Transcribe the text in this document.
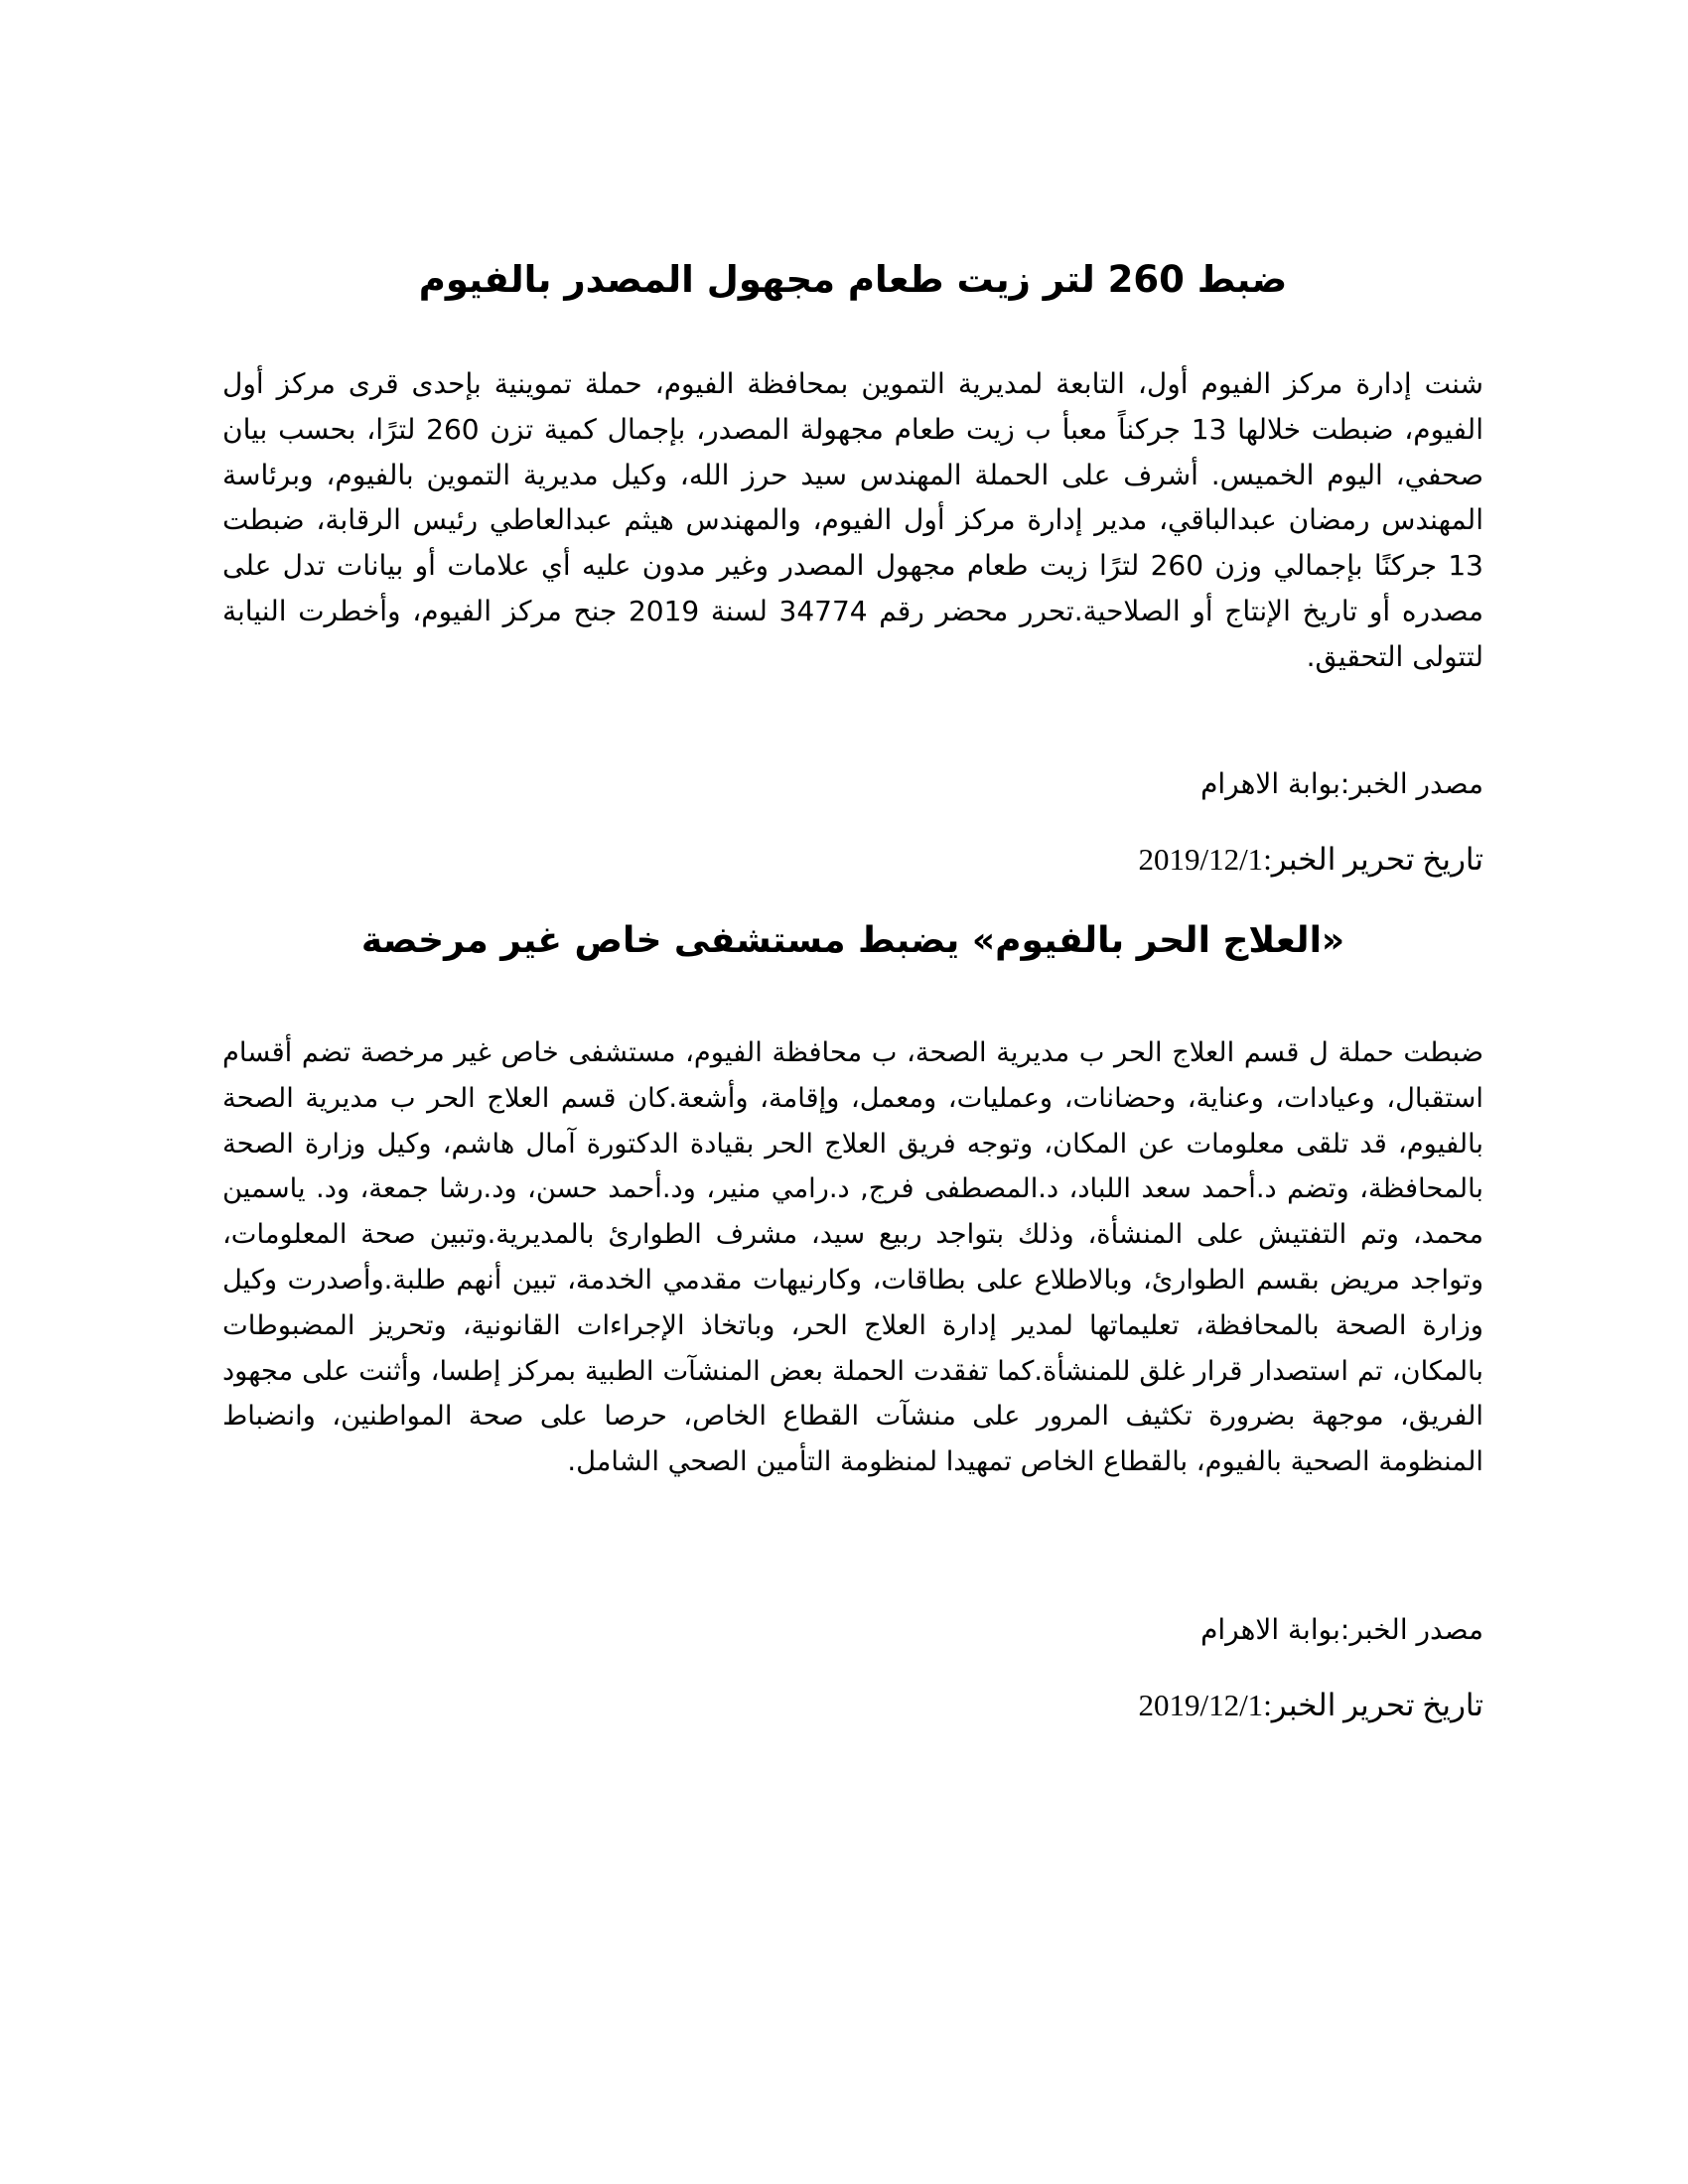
ضبط 260 لتر زيت طعام مجهول المصدر بالفيوم

شنت إدارة مركز الفيوم أول، التابعة لمديرية التموين بمحافظة الفيوم، حملة تموينية بإحدى قرى مركز أول الفيوم، ضبطت خلالها 13 جركناً معبأ ب زيت طعام مجهولة المصدر، بإجمال كمية تزن 260 لترًا، بحسب بيان صحفي، اليوم الخميس. أشرف على الحملة المهندس سيد حرز الله، وكيل مديرية التموين بالفيوم، وبرئاسة المهندس رمضان عبدالباقي، مدير إدارة مركز أول الفيوم، والمهندس هيثم عبدالعاطي رئيس الرقابة، ضبطت 13 جركنًا بإجمالي وزن 260 لترًا زيت طعام مجهول المصدر وغير مدون عليه أي علامات أو بيانات تدل على مصدره أو تاريخ الإنتاج أو الصلاحية.تحرر محضر رقم 34774 لسنة 2019 جنح مركز الفيوم، وأخطرت النيابة لتتولى التحقيق.

مصدر الخبر:بوابة الاهرام

تاريخ تحرير الخبر:2019/12/1

«العلاج الحر بالفيوم» يضبط مستشفى خاص غير مرخصة

ضبطت حملة ل قسم العلاج الحر ب مديرية الصحة، ب محافظة الفيوم، مستشفى خاص غير مرخصة تضم أقسام استقبال، وعيادات، وعناية، وحضانات، وعمليات، ومعمل، وإقامة، وأشعة.كان قسم العلاج الحر ب مديرية الصحة بالفيوم، قد تلقى معلومات عن المكان، وتوجه فريق العلاج الحر بقيادة الدكتورة آمال هاشم، وكيل وزارة الصحة بالمحافظة، وتضم د.أحمد سعد اللباد، د.المصطفى فرج, د.رامي منير، ود.أحمد حسن، ود.رشا جمعة، ود. ياسمين محمد، وتم التفتيش على المنشأة، وذلك بتواجد ربيع سيد، مشرف الطوارئ بالمديرية.وتبين صحة المعلومات، وتواجد مريض بقسم الطوارئ، وبالاطلاع على بطاقات، وكارنيهات مقدمي الخدمة، تبين أنهم طلبة.وأصدرت وكيل وزارة الصحة بالمحافظة، تعليماتها لمدير إدارة العلاج الحر، وباتخاذ الإجراءات القانونية، وتحريز المضبوطات بالمكان، تم استصدار قرار غلق للمنشأة.كما تفقدت الحملة بعض المنشآت الطبية بمركز إطسا، وأثنت على مجهود الفريق، موجهة بضرورة تكثيف المرور على منشآت القطاع الخاص، حرصا على صحة المواطنين، وانضباط المنظومة الصحية بالفيوم، بالقطاع الخاص تمهيدا لمنظومة التأمين الصحي الشامل.

مصدر الخبر:بوابة الاهرام

تاريخ تحرير الخبر:2019/12/1
